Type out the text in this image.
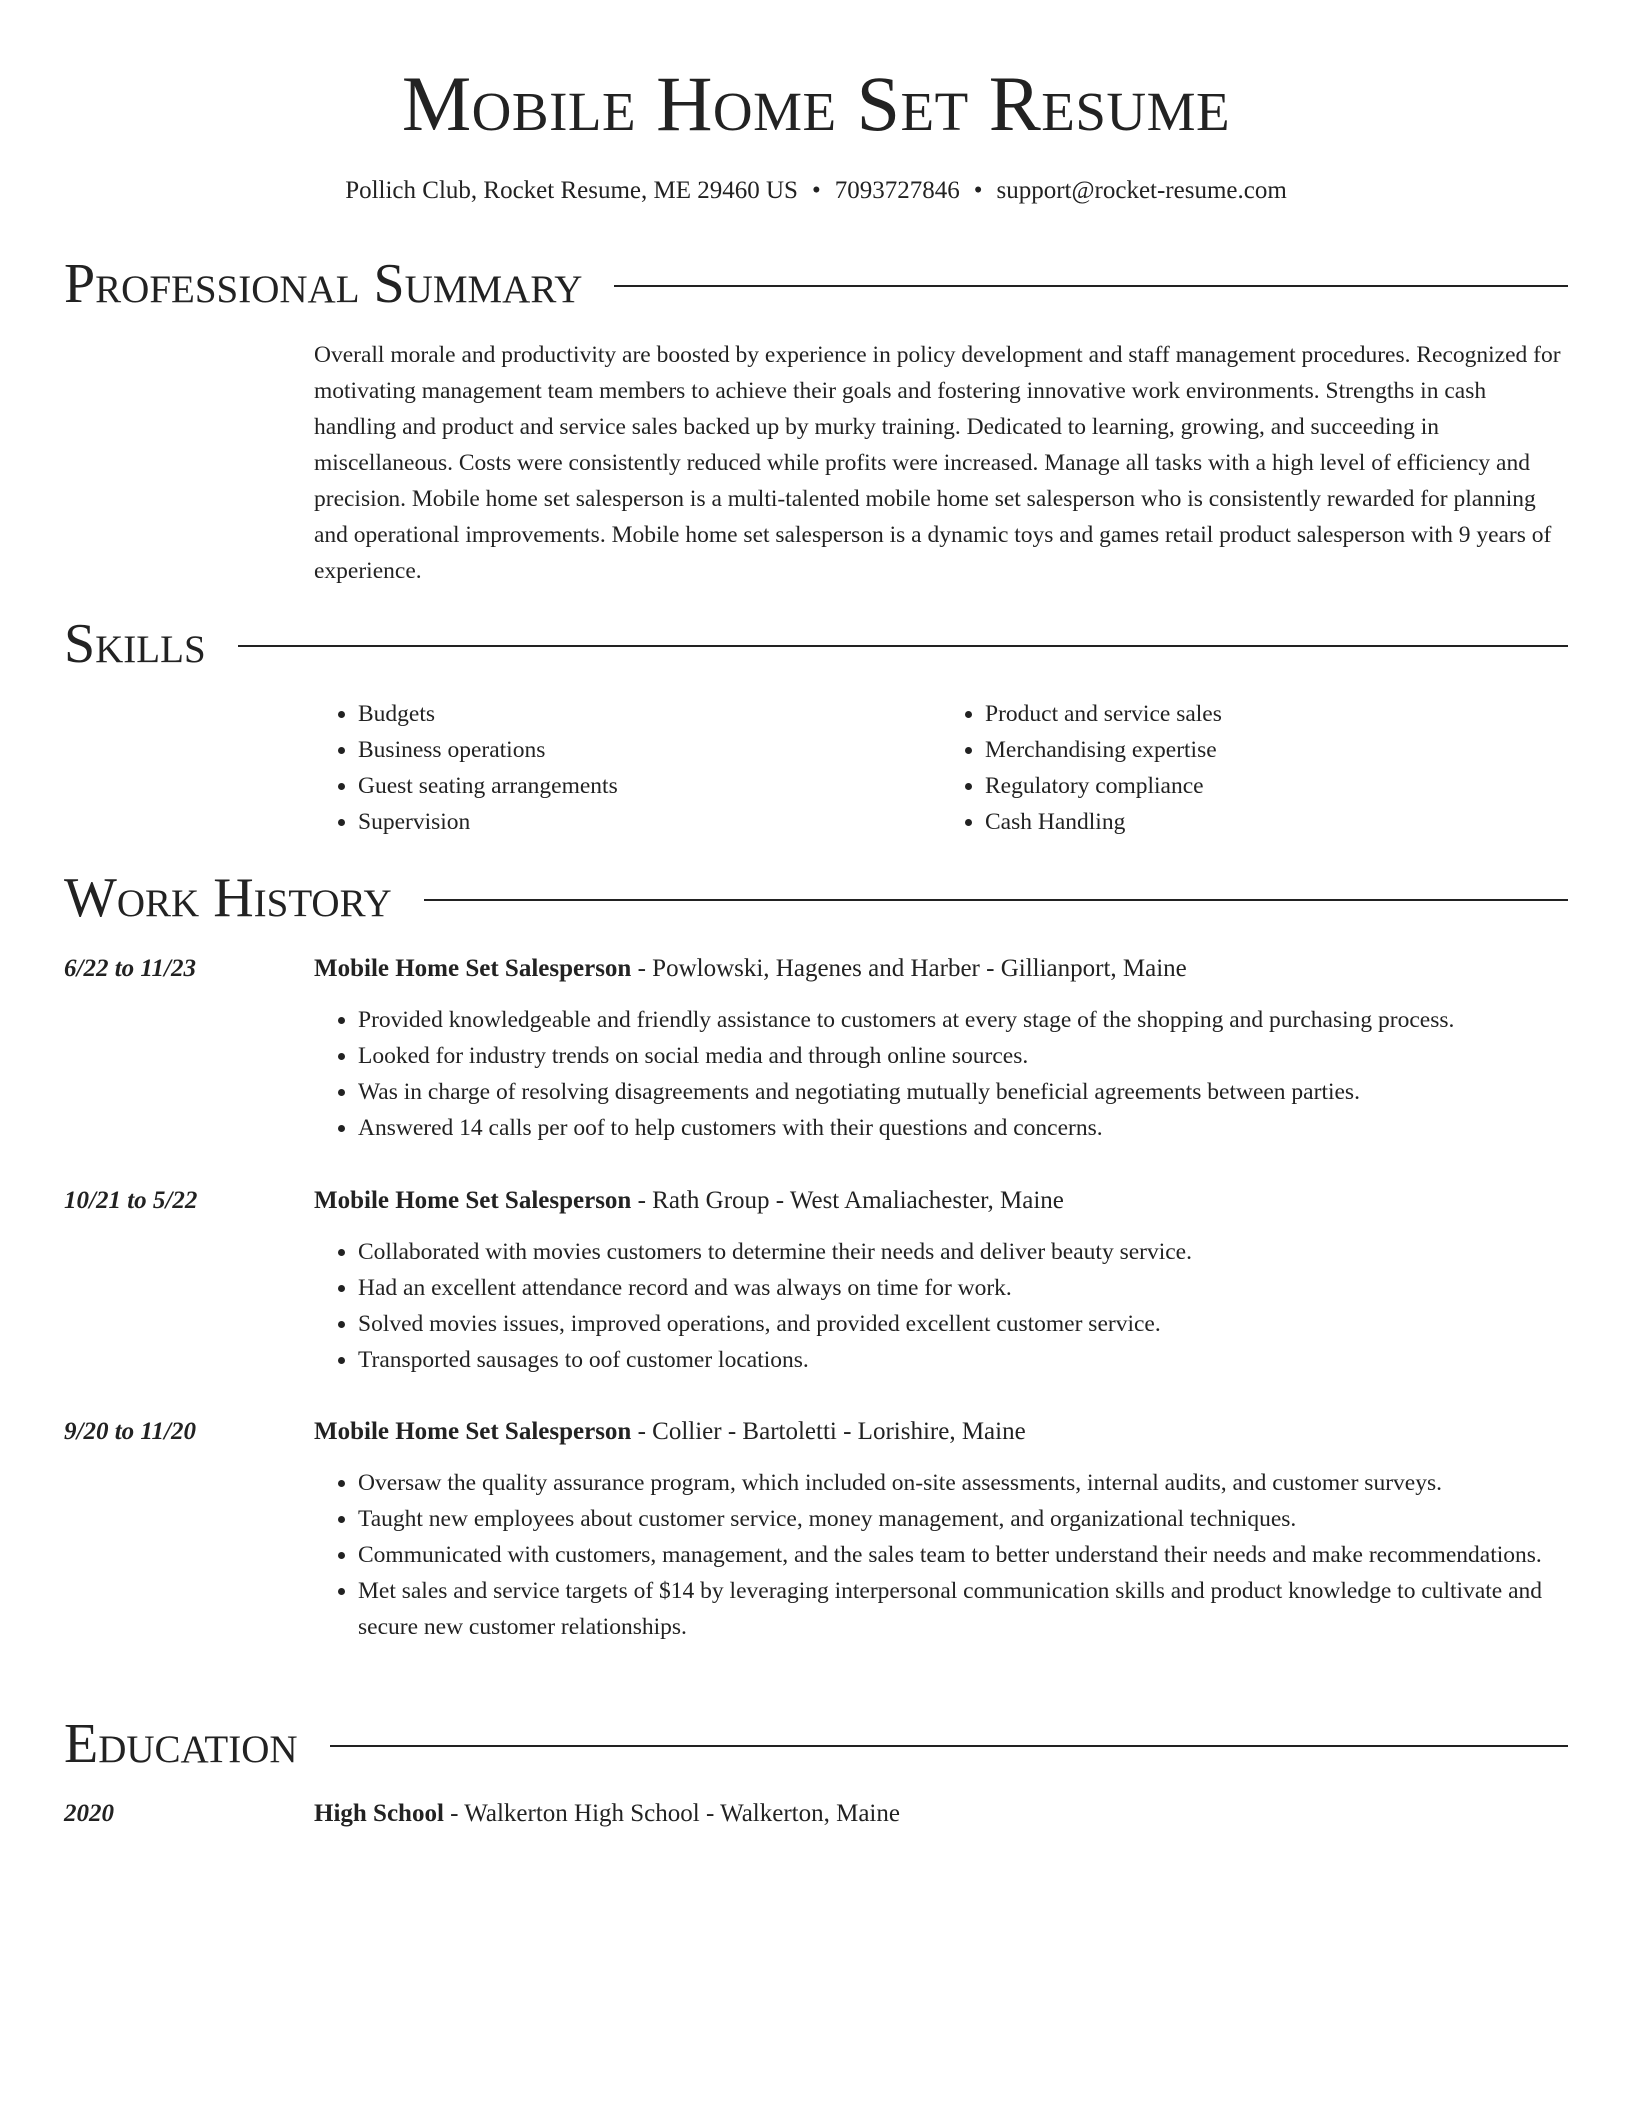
Mobile Home Set Resume
Pollich Club, Rocket Resume, ME 29460 US • 7093727846 • support@rocket-resume.com
Professional Summary

Overall morale and productivity are boosted by experience in policy development and staff management procedures. Recognized for motivating management team members to achieve their goals and fostering innovative work environments. Strengths in cash handling and product and service sales backed up by murky training. Dedicated to learning, growing, and succeeding in miscellaneous. Costs were consistently reduced while profits were increased. Manage all tasks with a high level of efficiency and precision. Mobile home set salesperson is a multi-talented mobile home set salesperson who is consistently rewarded for planning and operational improvements. Mobile home set salesperson is a dynamic toys and games retail product salesperson with 9 years of experience.

Skills
• Budgets
• Business operations
• Guest seating arrangements
• Supervision
• Product and service sales
• Merchandising expertise
• Regulatory compliance
• Cash Handling
Work History
6/22 to 11/23	Mobile Home Set Salesperson - Powlowski, Hagenes and Harber - Gillianport, Maine

• Provided knowledgeable and friendly assistance to customers at every stage of the shopping and purchasing process.
• Looked for industry trends on social media and through online sources.
• Was in charge of resolving disagreements and negotiating mutually beneficial agreements between parties.
• Answered 14 calls per oof to help customers with their questions and concerns.
10/21 to 5/22	Mobile Home Set Salesperson - Rath Group - West Amaliachester, Maine

• Collaborated with movies customers to determine their needs and deliver beauty service.
• Had an excellent attendance record and was always on time for work.
• Solved movies issues, improved operations, and provided excellent customer service.
• Transported sausages to oof customer locations.
9/20 to 11/20	Mobile Home Set Salesperson - Collier - Bartoletti - Lorishire, Maine

• Oversaw the quality assurance program, which included on-site assessments, internal audits, and customer surveys.
• Taught new employees about customer service, money management, and organizational techniques.
• Communicated with customers, management, and the sales team to better understand their needs and make recommendations.
• Met sales and service targets of $14 by leveraging interpersonal communication skills and product knowledge to cultivate and secure new customer relationships.
Education
2020	High School - Walkerton High School - Walkerton, Maine
